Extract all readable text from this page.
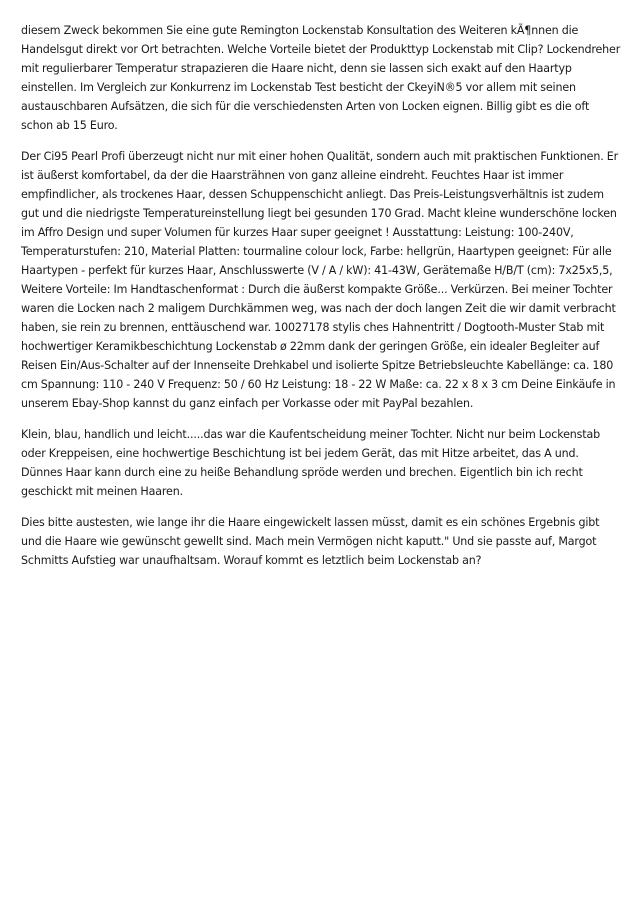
diesem Zweck bekommen Sie eine gute Remington Lockenstab Konsultation des Weiteren kÃ¶nnen die Handelsgut direkt vor Ort betrachten. Welche Vorteile bietet der Produkttyp Lockenstab mit Clip? Lockendreher mit regulierbarer Temperatur strapazieren die Haare nicht, denn sie lassen sich exakt auf den Haartyp einstellen. Im Vergleich zur Konkurrenz im Lockenstab Test besticht der CkeyiN®5 vor allem mit seinen austauschbaren Aufsätzen, die sich für die verschiedensten Arten von Locken eignen. Billig gibt es die oft schon ab 15 Euro.

Der Ci95 Pearl Profi überzeugt nicht nur mit einer hohen Qualität, sondern auch mit praktischen Funktionen. Er ist äußerst komfortabel, da der die Haarsträhnen von ganz alleine eindreht. Feuchtes Haar ist immer empfindlicher, als trockenes Haar, dessen Schuppenschicht anliegt. Das Preis-Leistungsverhältnis ist zudem gut und die niedrigste Temperatureinstellung liegt bei gesunden 170 Grad. Macht kleine wunderschöne locken im Affro Design und super Volumen für kurzes Haar super geeignet ! Ausstattung: Leistung: 100-240V, Temperaturstufen: 210, Material Platten: tourmaline colour lock, Farbe: hellgrün, Haartypen geeignet: Für alle Haartypen - perfekt für kurzes Haar, Anschlusswerte (V / A / kW): 41-43W, Gerätemaße H/B/T (cm): 7x25x5,5, Weitere Vorteile: Im Handtaschenformat : Durch die äußerst kompakte Größe... Verkürzen. Bei meiner Tochter waren die Locken nach 2 maligem Durchkämmen weg, was nach der doch langen Zeit die wir damit verbracht haben, sie rein zu brennen, enttäuschend war. 10027178 stylis ches Hahnentritt / Dogtooth-Muster Stab mit hochwertiger Keramikbeschichtung Lockenstab ø 22mm dank der geringen Größe, ein idealer Begleiter auf Reisen Ein/Aus-Schalter auf der Innenseite Drehkabel und isolierte Spitze Betriebsleuchte Kabellänge: ca. 180 cm Spannung: 110 - 240 V Frequenz: 50 / 60 Hz Leistung: 18 - 22 W Maße: ca. 22 x 8 x 3 cm Deine Einkäufe in unserem Ebay-Shop kannst du ganz einfach per Vorkasse oder mit PayPal bezahlen.

Klein, blau, handlich und leicht.....das war die Kaufentscheidung meiner Tochter. Nicht nur beim Lockenstab oder Kreppeisen, eine hochwertige Beschichtung ist bei jedem Gerät, das mit Hitze arbeitet, das A und. Dünnes Haar kann durch eine zu heiße Behandlung spröde werden und brechen. Eigentlich bin ich recht geschickt mit meinen Haaren.

Dies bitte austesten, wie lange ihr die Haare eingewickelt lassen müsst, damit es ein schönes Ergebnis gibt und die Haare wie gewünscht gewellt sind. Mach mein Vermögen nicht kaputt." Und sie passte auf, Margot Schmitts Aufstieg war unaufhaltsam. Worauf kommt es letztlich beim Lockenstab an?
